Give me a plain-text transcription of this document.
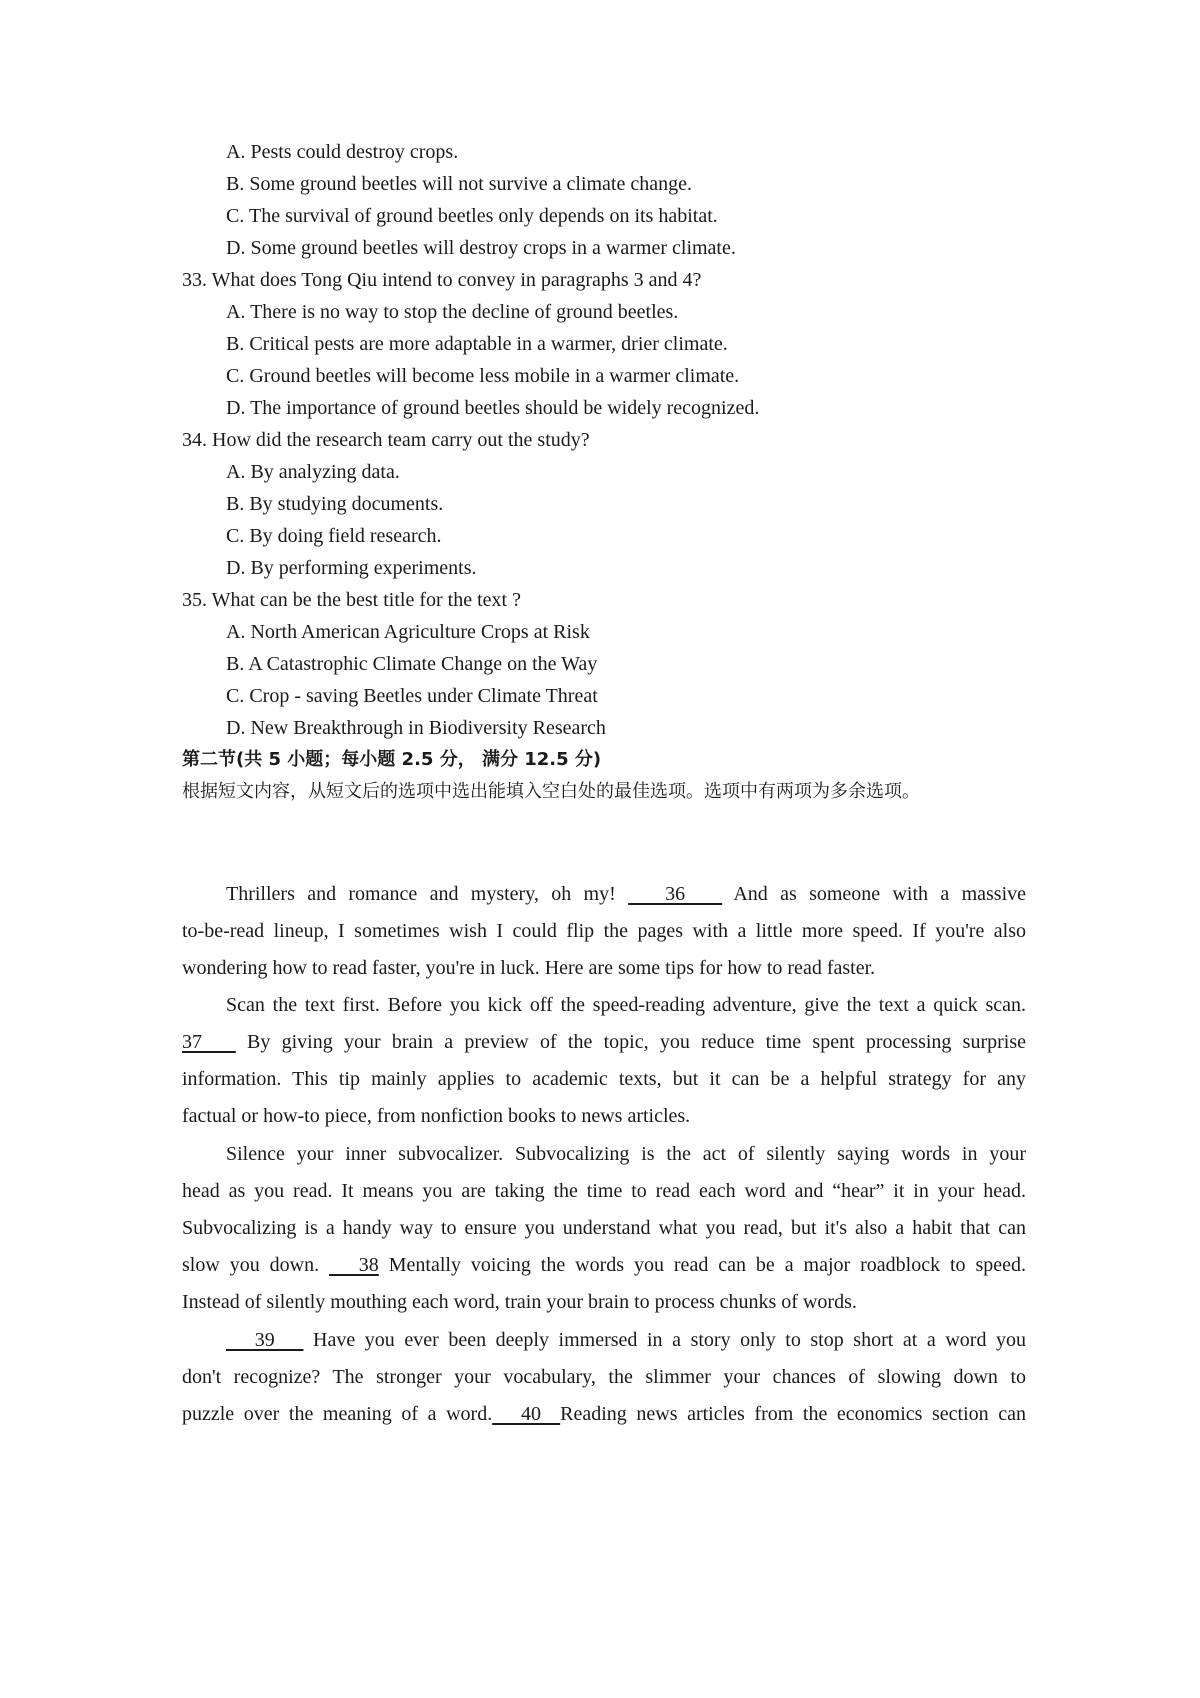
A. Pests could destroy crops.
B. Some ground beetles will not survive a climate change.
C. The survival of ground beetles only depends on its habitat.
D. Some ground beetles will destroy crops in a warmer climate.
33. What does Tong Qiu intend to convey in paragraphs 3 and 4?
A. There is no way to stop the decline of ground beetles.
B. Critical pests are more adaptable in a warmer, drier climate.
C. Ground beetles will become less mobile in a warmer climate.
D. The importance of ground beetles should be widely recognized.
34. How did the research team carry out the study?
A. By analyzing data.
B. By studying documents.
C. By doing field research.
D. By performing experiments.
35. What can be the best title for the text ?
A. North American Agriculture Crops at Risk
B. A Catastrophic Climate Change on the Way
C. Crop - saving Beetles under Climate Threat
D. New Breakthrough in Biodiversity Research
第二节(共 5 小题；每小题 2.5 分， 满分 12.5 分)
根据短文内容，从短文后的选项中选出能填入空白处的最佳选项。选项中有两项为多余选项。
Thrillers and romance and mystery, oh my!    36    And as someone with a massive
to-be-read lineup, I sometimes wish I could flip the pages with a little more speed. If you're also
wondering how to read faster, you're in luck. Here are some tips for how to read faster.
Scan the text first. Before you kick off the speed-reading adventure, give the text a quick scan.
37    By giving your brain a preview of the topic, you reduce time spent processing surprise
information. This tip mainly applies to academic texts, but it can be a helpful strategy for any
factual or how-to piece, from nonfiction books to news articles.
Silence your inner subvocalizer. Subvocalizing is the act of silently saying words in your
head as you read. It means you are taking the time to read each word and “hear” it in your head.
Subvocalizing is a handy way to ensure you understand what you read, but it's also a habit that can
slow you down.    38 Mentally voicing the words you read can be a major roadblock to speed.
Instead of silently mouthing each word, train your brain to process chunks of words.
39    Have you ever been deeply immersed in a story only to stop short at a word you
don't recognize? The stronger your vocabulary, the slimmer your chances of slowing down to
puzzle over the meaning of a word.   40  Reading news articles from the economics section can
